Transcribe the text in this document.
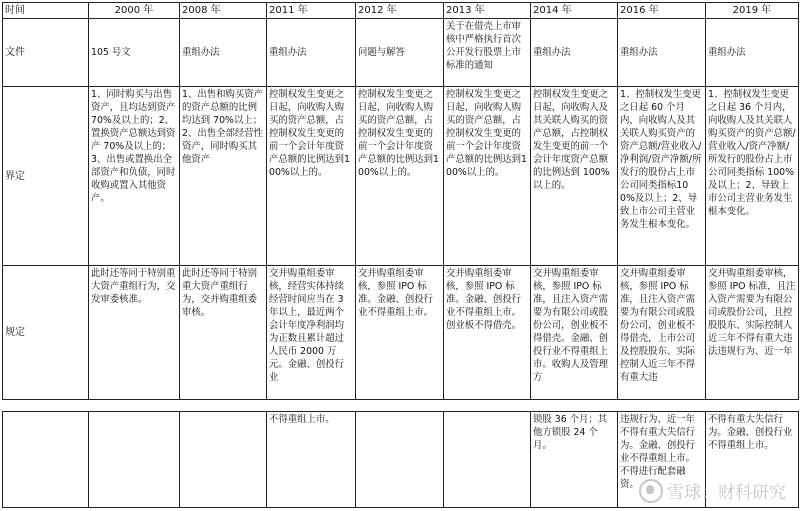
时间	2000 年	2008 年	2011 年	2012 年	2013 年	2014 年	2016 年	2019 年
文件	105 号文	重组办法	重组办法	问题与解答	关于在借壳上市审核中严格执行首次公开发行股票上市标准的通知	重组办法	重组办法	重组办法
界定	1、同时购买与出售资产，且均达到资产 70%及以上的；2、置换资产总额达到资产 70%及以上的；3、出售或置换出全部资产和负债，同时收购或置入其他资产。	1、出售和购买资产的资产总额的比例均达到 70%以上；2、出售全部经营性资产，同时购买其他资产	控制权发生变更之日起，向收购人购买的资产总额，占控制权发生变更的前一个会计年度资产总额的比例达到100%以上的。	控制权发生变更之日起，向收购人购买的资产总额，占控制权发生变更的前一个会计年度资产总额的比例达到100%以上的。	控制权发生变更之日起，向收购人购买的资产总额，占控制权发生变更的前一个会计年度资产总额的比例达到100%以上的。	控制权发生变更之日起，向收购人及其关联人购买的资产总额，占控制权发生变更的前一个会计年度资产总额的比例达到 100%以上的。	1、控制权发生变更之日起 60 个月内，向收购人及其关联人购买资产的资产总额/营业收入/净利润/资产净额/所发行的股份占上市公司同类指标100%及以上；2、导致上市公司主营业务发生根本变化。	1、控制权发生变更之日起 36 个月内，向收购人及其关联人购买资产的资产总额/营业收入/资产净额/所发行的股份占上市公司同类指标 100%及以上；2、导致上市公司主营业务发生根本变化。
规定	此时还等同于特别重大资产重组行为，交发审委核准。	此时还等同于特别重大资产重组行为，交并购重组委审核。	交并购重组委审核，经营实体持续经营时间应当在 3 年以上，最近两个会计年度净利润均为正数且累计超过人民币 2000 万元。金融、创投行业	交并购重组委审核，参照 IPO 标准。金融、创投行业不得重组上市。	交并购重组委审核，参照 IPO 标准。金融、创投行业不得重组上市。创业板不得借壳。	交并购重组委审核，参照 IPO 标准，且注入资产需要为有限公司或股份公司，创业板不得借壳。金融、创投行业不得重组上市。收购人及管理方	交并购重组委审核，参照 IPO 标准，且注入资产需要为有限公司或股份公司，创业板不得借壳，上市公司及控股股东、实际控制人近三年不得有重大违	交并购重组委审核，参照 IPO 标准，且注入资产需要为有限公司或股份公司，且控股股东、实际控制人近三年不得有重大违法违规行为、近一年
			不得重组上市。			锁股 36 个月；其他方锁股 24 个月。	违规行为、近一年不得有重大失信行为。金融、创投行业不得重组上市。不得进行配套融资。	不得有重大失信行为。金融、创投行业不得重组上市。
雪球：财科研究
